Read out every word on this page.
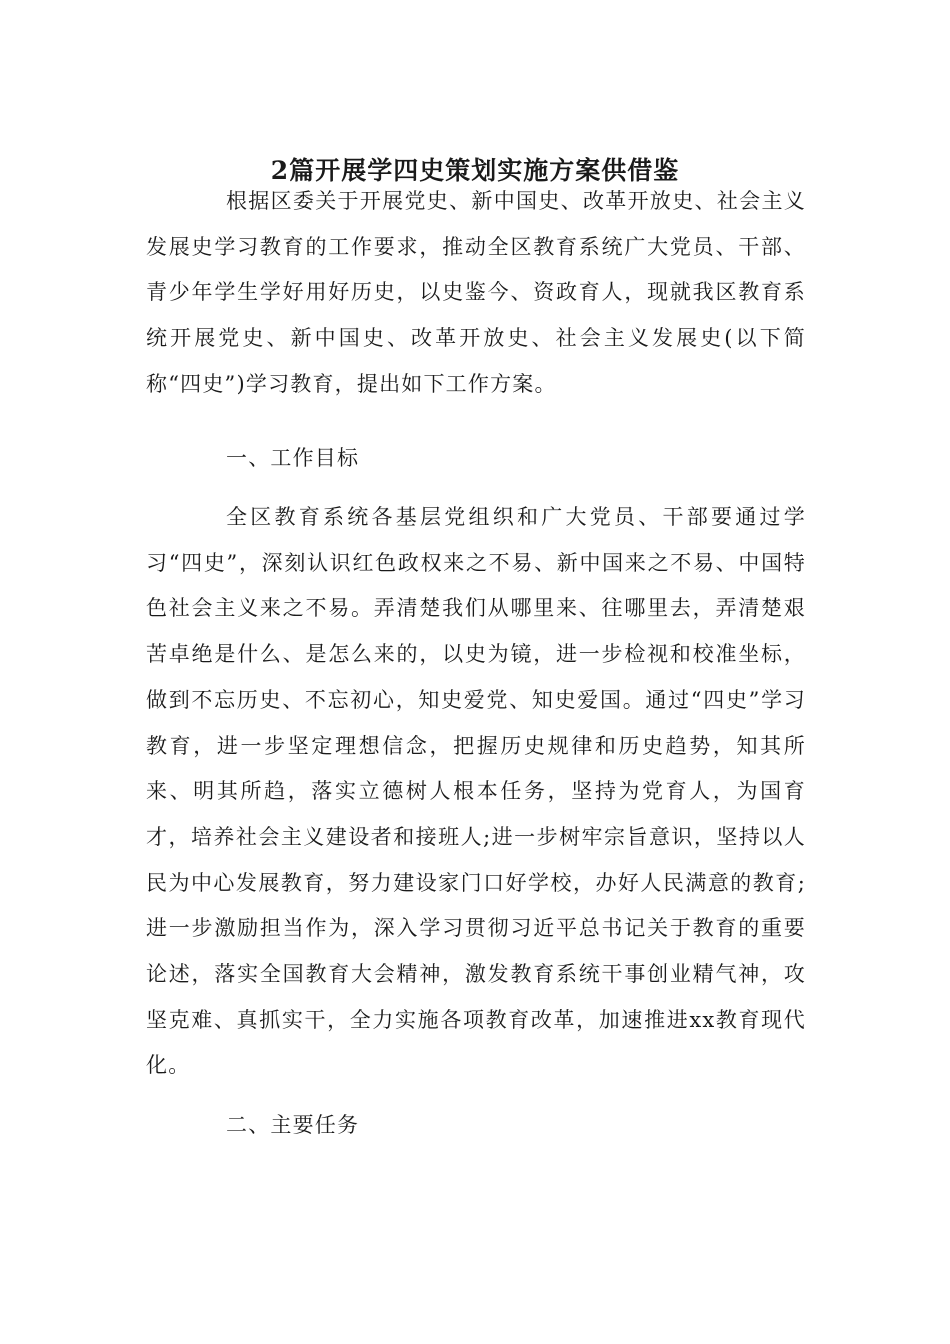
2篇开展学四史策划实施方案供借鉴

根据区委关于开展党史、新中国史、改革开放史、社会主义发展史学习教育的工作要求，推动全区教育系统广大党员、干部、青少年学生学好用好历史，以史鉴今、资政育人，现就我区教育系统开展党史、新中国史、改革开放史、社会主义发展史(以下简称“四史”)学习教育，提出如下工作方案。

一、工作目标

全区教育系统各基层党组织和广大党员、干部要通过学习“四史”，深刻认识红色政权来之不易、新中国来之不易、中国特色社会主义来之不易。弄清楚我们从哪里来、往哪里去，弄清楚艰苦卓绝是什么、是怎么来的，以史为镜，进一步检视和校准坐标，做到不忘历史、不忘初心，知史爱党、知史爱国。通过“四史”学习教育，进一步坚定理想信念，把握历史规律和历史趋势，知其所来、明其所趋，落实立德树人根本任务，坚持为党育人，为国育才，培养社会主义建设者和接班人;进一步树牢宗旨意识，坚持以人民为中心发展教育，努力建设家门口好学校，办好人民满意的教育;进一步激励担当作为，深入学习贯彻习近平总书记关于教育的重要论述，落实全国教育大会精神，激发教育系统干事创业精气神，攻坚克难、真抓实干，全力实施各项教育改革，加速推进xx教育现代化。

二、主要任务
